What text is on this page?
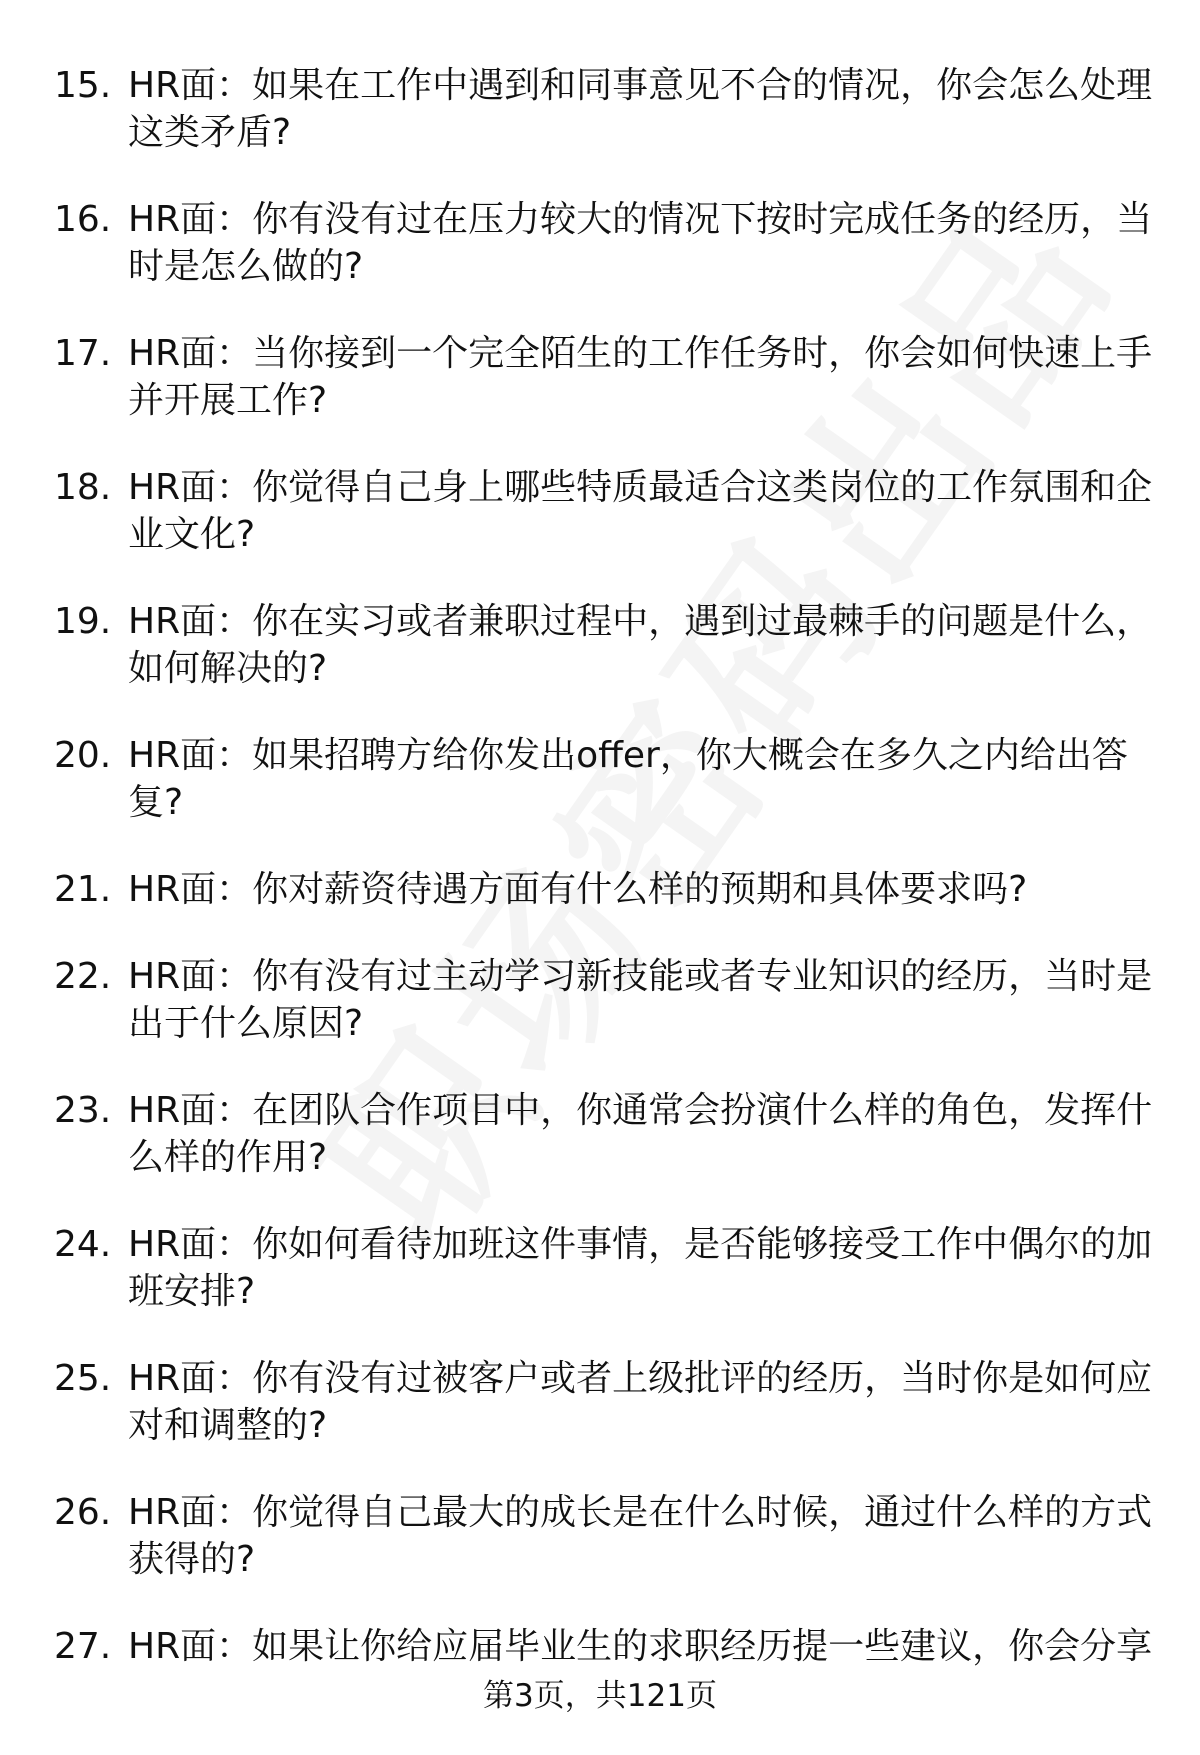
15. HR面：如果在工作中遇到和同事意见不合的情况，你会怎么处理这类矛盾?
16. HR面：你有没有过在压力较大的情况下按时完成任务的经历，当时是怎么做的?
17. HR面：当你接到一个完全陌生的工作任务时，你会如何快速上手并开展工作?
18. HR面：你觉得自己身上哪些特质最适合这类岗位的工作氛围和企业文化?
19. HR面：你在实习或者兼职过程中，遇到过最棘手的问题是什么，如何解决的?
20. HR面：如果招聘方给你发出offer，你大概会在多久之内给出答复?
21. HR面：你对薪资待遇方面有什么样的预期和具体要求吗?
22. HR面：你有没有过主动学习新技能或者专业知识的经历，当时是出于什么原因?
23. HR面：在团队合作项目中，你通常会扮演什么样的角色，发挥什么样的作用?
24. HR面：你如何看待加班这件事情，是否能够接受工作中偶尔的加班安排?
25. HR面：你有没有过被客户或者上级批评的经历，当时你是如何应对和调整的?
26. HR面：你觉得自己最大的成长是在什么时候，通过什么样的方式获得的?
27. HR面：如果让你给应届毕业生的求职经历提一些建议，你会分享
第3页，共121页
